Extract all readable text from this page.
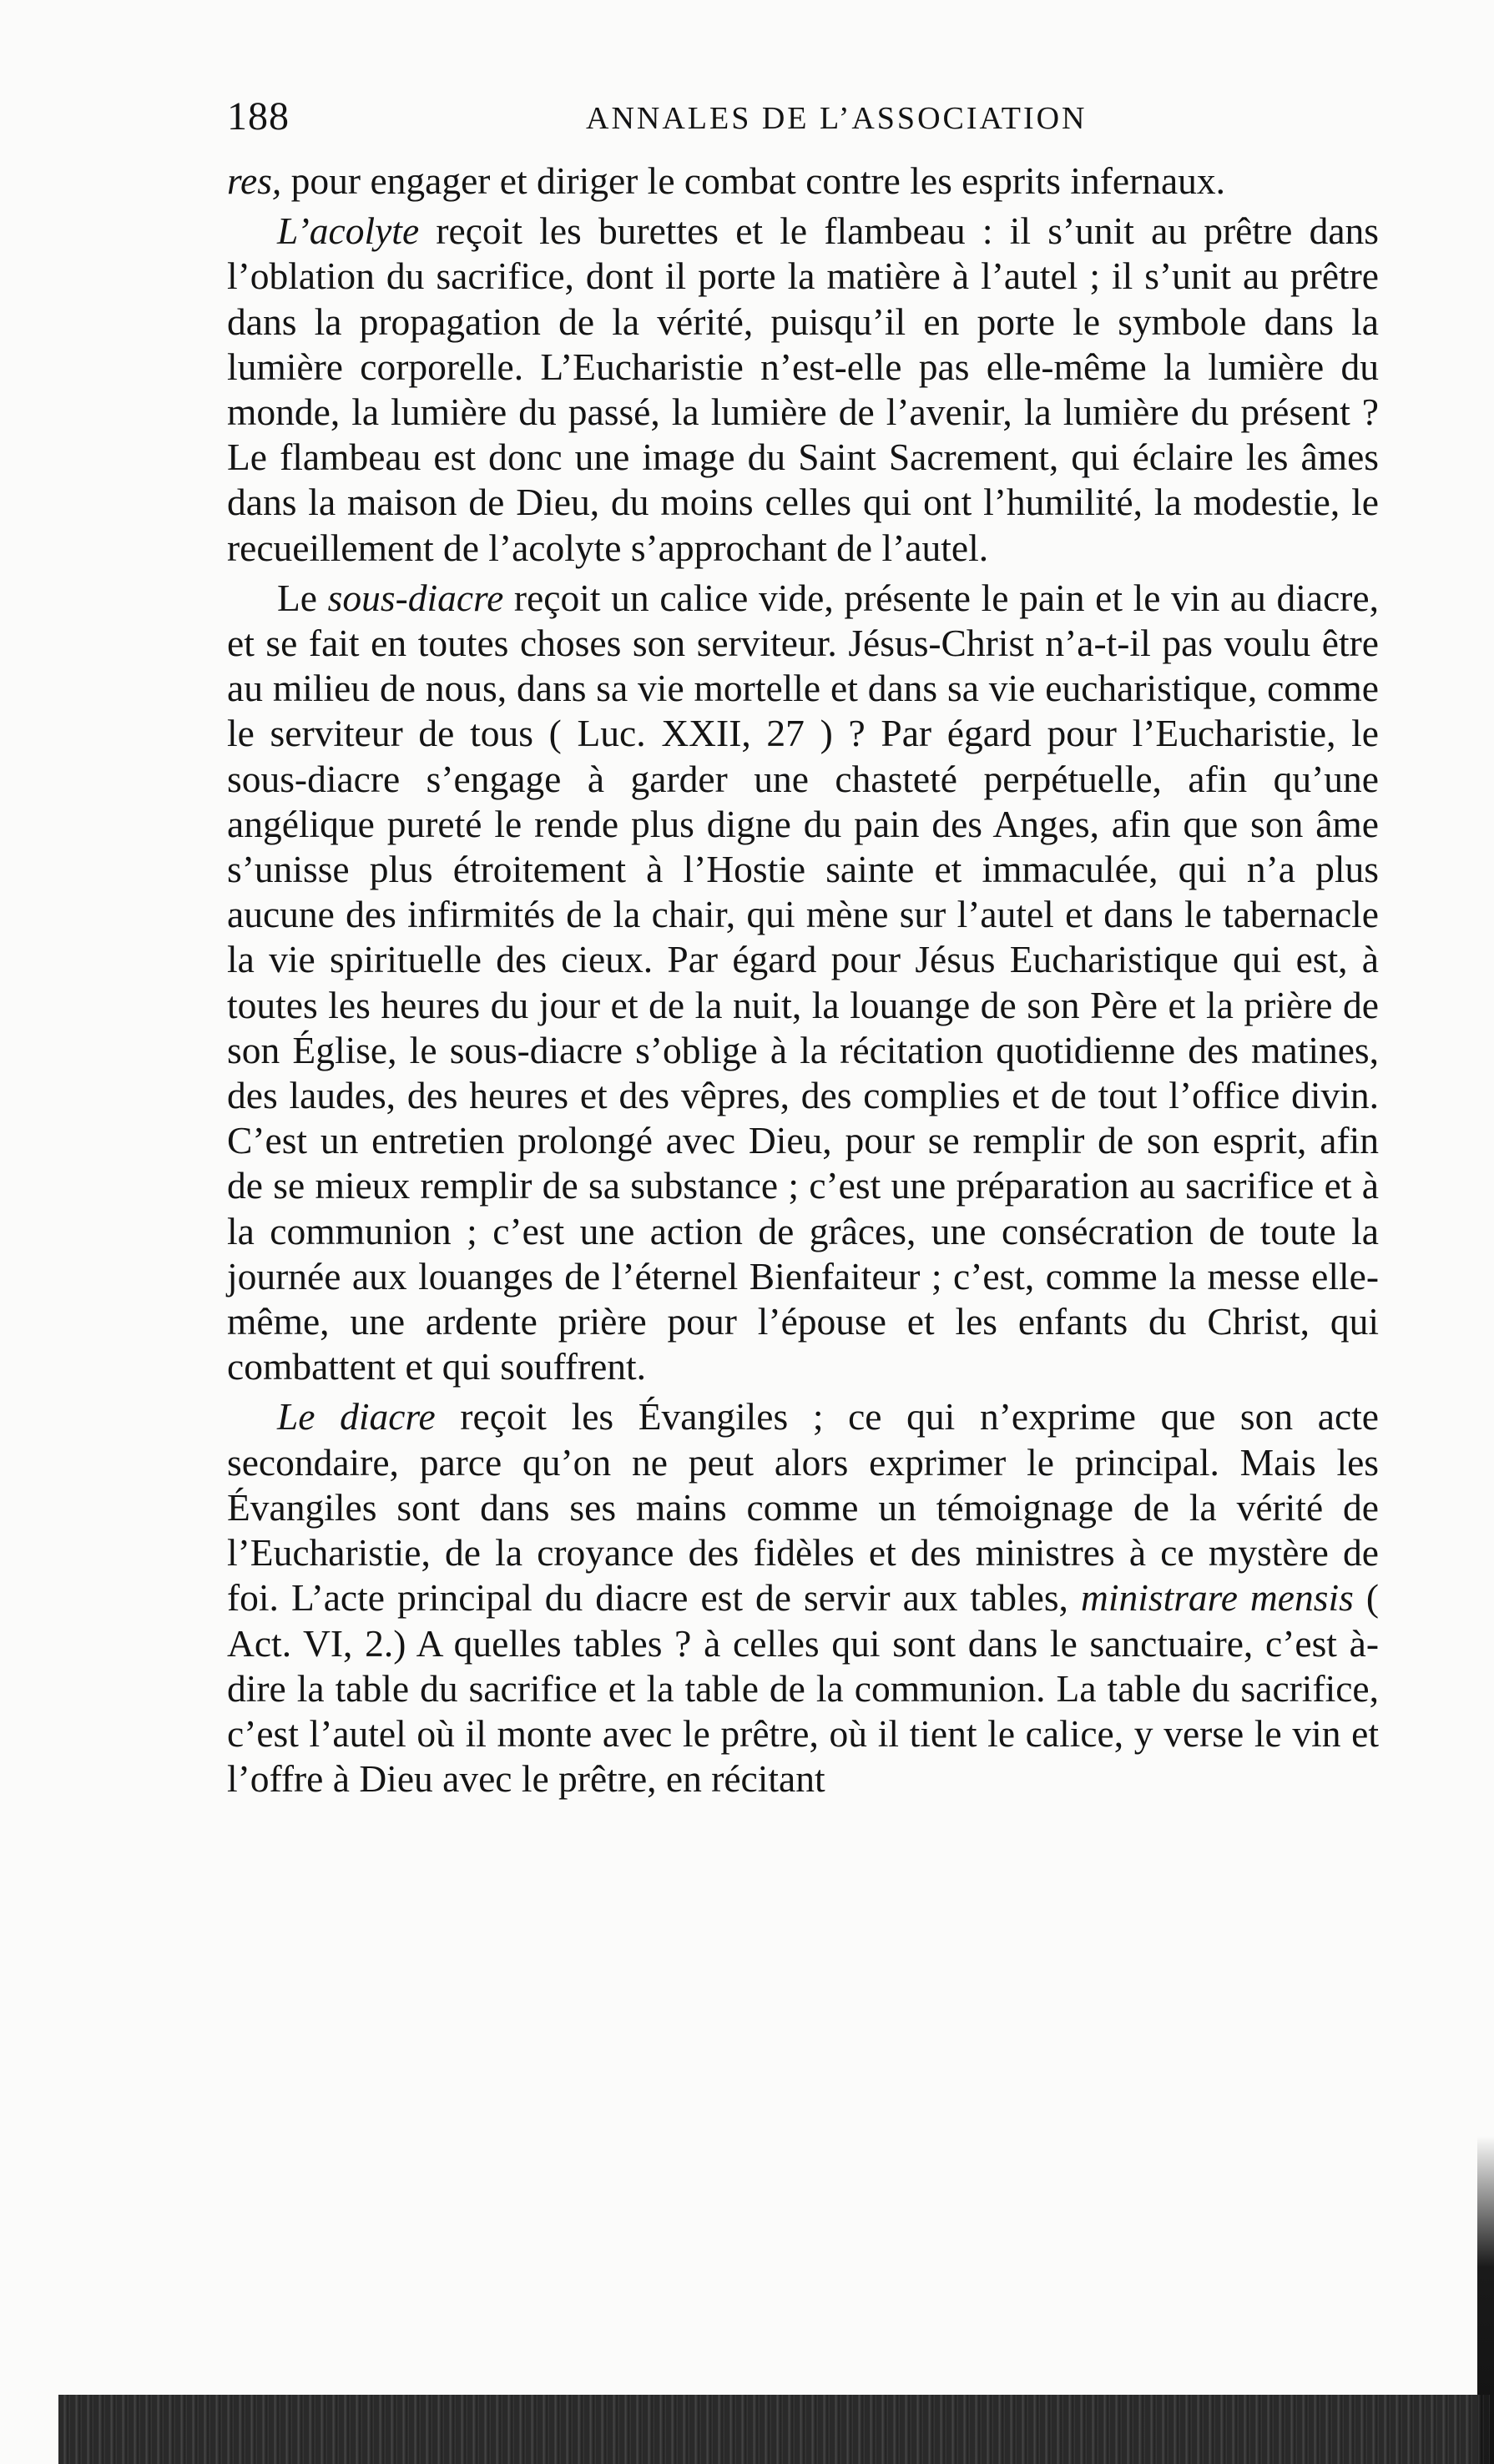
188	ANNALES DE L’ASSOCIATION

res, pour engager et diriger le combat contre les esprits infernaux.

L’acolyte reçoit les burettes et le flambeau : il s’unit au prêtre dans l’oblation du sacrifice, dont il porte la matière à l’autel ; il s’unit au prêtre dans la propagation de la vérité, puisqu’il en porte le symbole dans la lumière corporelle. L’Eucharistie n’est-elle pas elle-même la lumière du monde, la lumière du passé, la lumière de l’avenir, la lumière du présent ? Le flambeau est donc une image du Saint Sacrement, qui éclaire les âmes dans la maison de Dieu, du moins celles qui ont l’humilité, la modestie, le recueillement de l’acolyte s’approchant de l’autel.

Le sous-diacre reçoit un calice vide, présente le pain et le vin au diacre, et se fait en toutes choses son serviteur. Jésus-Christ n’a-t-il pas voulu être au milieu de nous, dans sa vie mortelle et dans sa vie eucharistique, comme le serviteur de tous ( Luc. XXII, 27 ) ? Par égard pour l’Eucharistie, le sous-diacre s’engage à garder une chasteté perpétuelle, afin qu’une angélique pureté le rende plus digne du pain des Anges, afin que son âme s’unisse plus étroitement à l’Hostie sainte et immaculée, qui n’a plus aucune des infirmités de la chair, qui mène sur l’autel et dans le tabernacle la vie spirituelle des cieux. Par égard pour Jésus Eucharistique qui est, à toutes les heures du jour et de la nuit, la louange de son Père et la prière de son Église, le sous-diacre s’oblige à la récitation quotidienne des matines, des laudes, des heures et des vêpres, des complies et de tout l’office divin. C’est un entretien prolongé avec Dieu, pour se remplir de son esprit, afin de se mieux remplir de sa substance ; c’est une préparation au sacrifice et à la communion ; c’est une action de grâces, une consécration de toute la journée aux louanges de l’éternel Bienfaiteur ; c’est, comme la messe elle-même, une ardente prière pour l’épouse et les enfants du Christ, qui combattent et qui souffrent.

Le diacre reçoit les Évangiles ; ce qui n’exprime que son acte secondaire, parce qu’on ne peut alors exprimer le principal. Mais les Évangiles sont dans ses mains comme un témoignage de la vérité de l’Eucharistie, de la croyance des fidèles et des ministres à ce mystère de foi. L’acte principal du diacre est de servir aux tables, ministrare mensis ( Act. VI, 2.) A quelles tables ? à celles qui sont dans le sanctuaire, c’est à-dire la table du sacrifice et la table de la communion. La table du sacrifice, c’est l’autel où il monte avec le prêtre, où il tient le calice, y verse le vin et l’offre à Dieu avec le prêtre, en récitant
